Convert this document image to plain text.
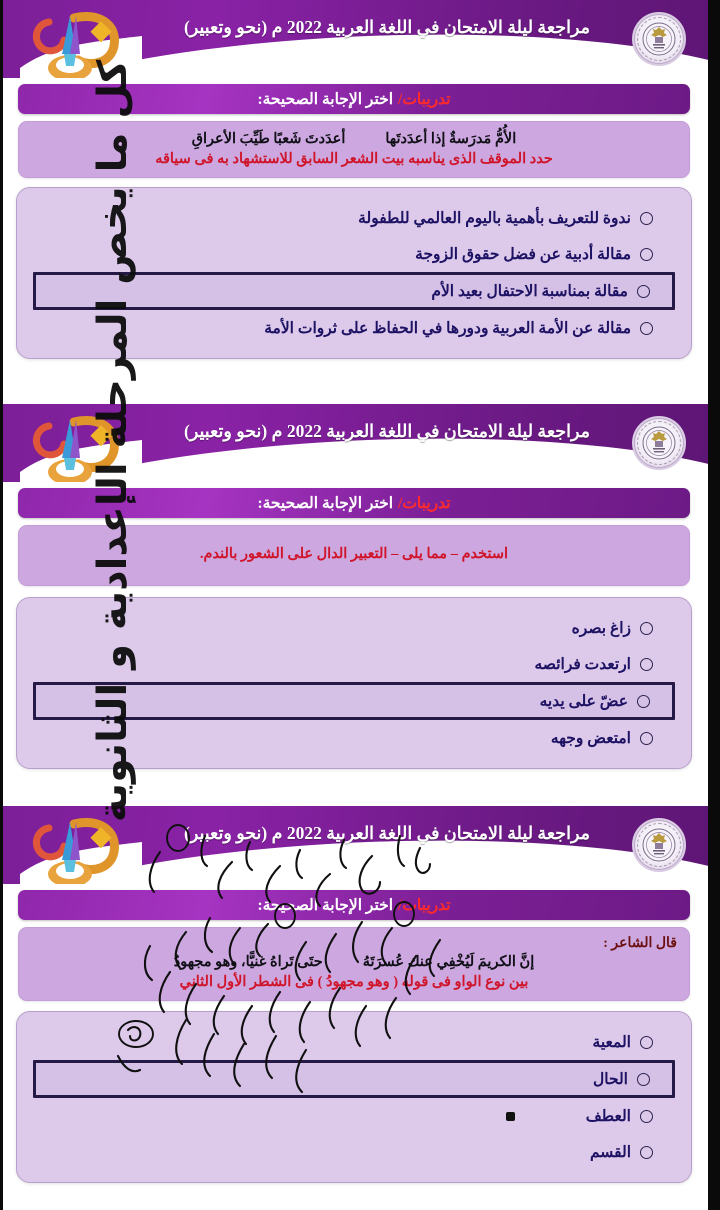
مراجعة ليلة الامتحان في اللغة العربية 2022 م (نحو وتعبير)
تدريبات/
اختر الإجابة الصحيحة:
الأُمُّ مَدرَسةٌ إذا أعدَدتَها
أعدَدتَ شَعبًا طَيِّبَ الأعراقِ
حدد الموقف الذى يناسبه بيت الشعر السابق للاستشهاد به فى سياقه
ندوة للتعريف بأهمية باليوم العالمي للطفولة
مقالة أدبية عن فضل حقوق الزوجة
مقالة بمناسبة الاحتفال بعيد الأم
مقالة عن الأمة العربية ودورها في الحفاظ على ثروات الأمة
مراجعة ليلة الامتحان في اللغة العربية 2022 م (نحو وتعبير)
تدريبات/
اختر الإجابة الصحيحة:
استخدم – مما يلى – التعبير الدال على الشعور بالندم.
زاغ بصره
ارتعدت فرائصه
عضّ على يديه
امتعض وجهه
مراجعة ليلة الامتحان في اللغة العربية 2022 م (نحو وتعبير)
تدريبات/
اختر الإجابة الصحيحة:
قال الشاعر :
إنَّ الكريمَ لَيُخْفِي عنك عُسرَتَهُ
حتَى تَراهُ غنيًّا، وهو مجهودُ
بين نوع الواو فى قوله ( وهو مجهودُ ) فى الشطر الأول الثاني
المعية
الحال
العطف
القسم
كل ما يخص المرحلة الإعدادية و الثانوية
